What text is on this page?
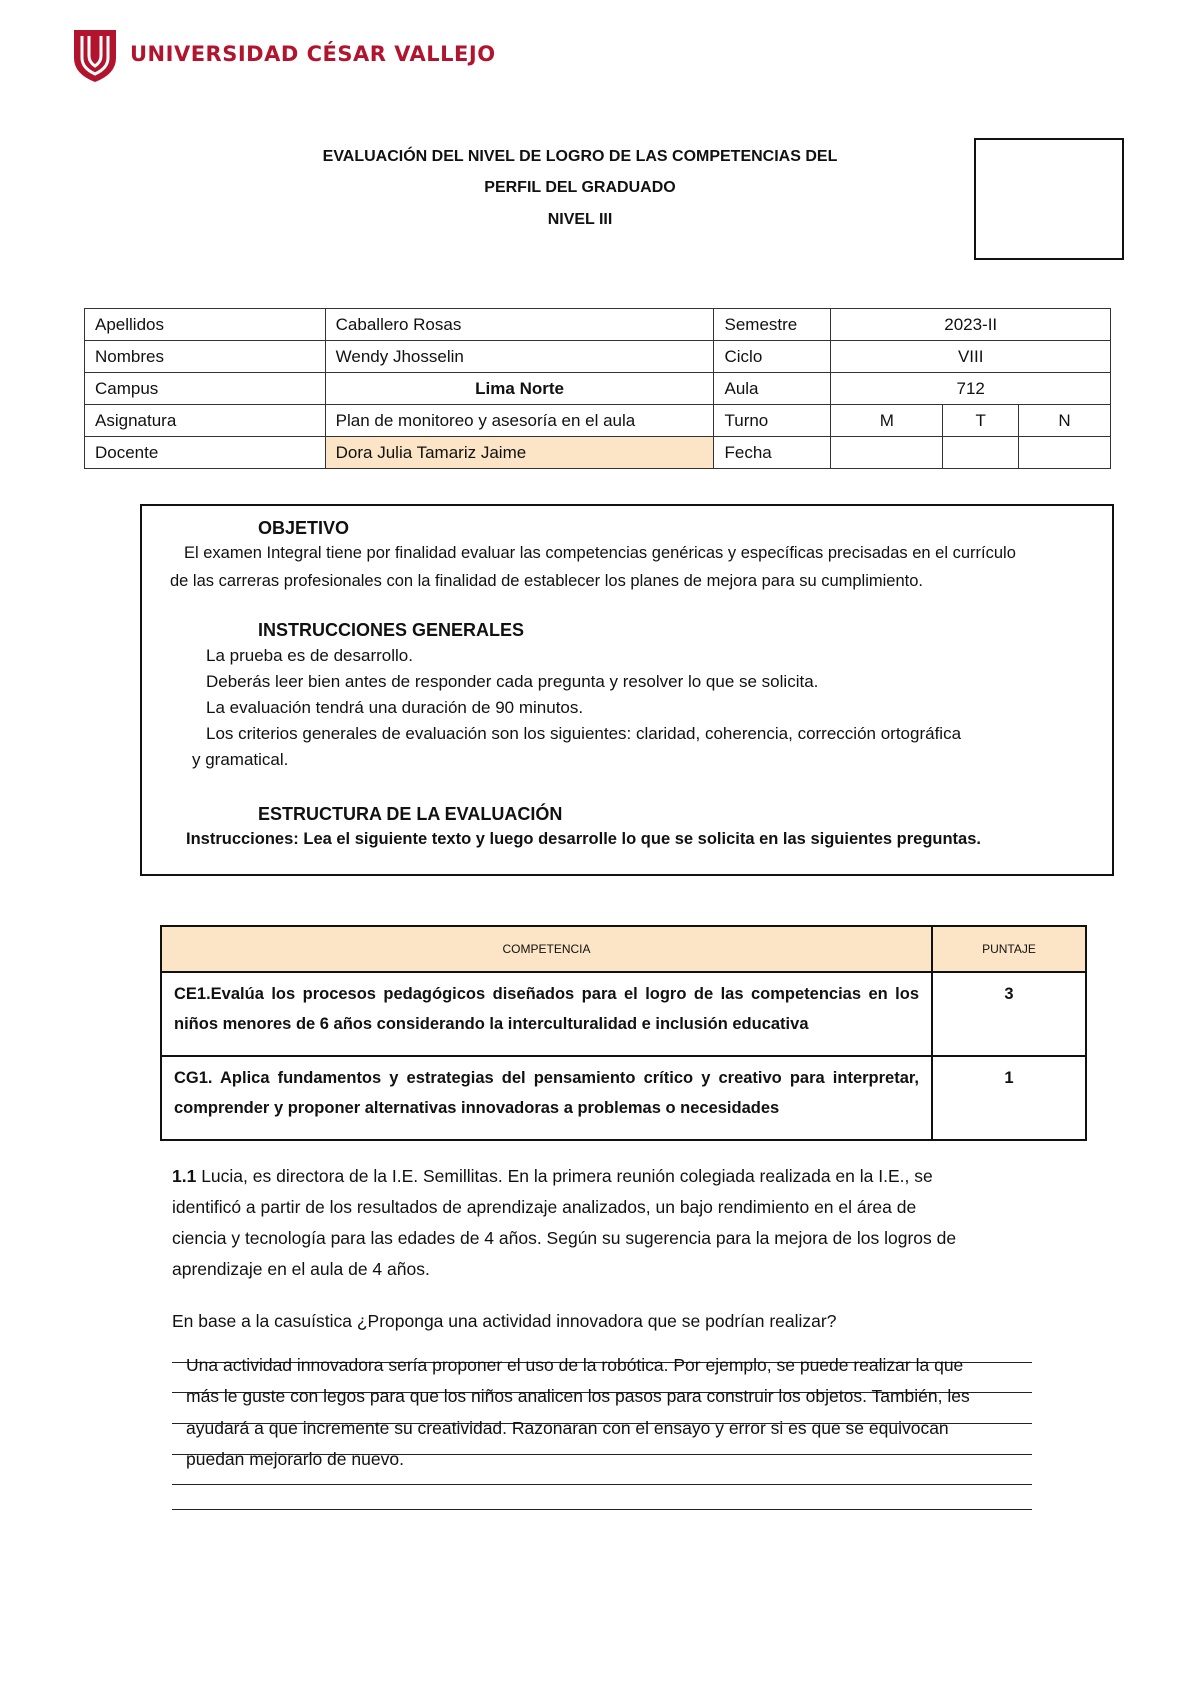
UNIVERSIDAD CÉSAR VALLEJO
EVALUACIÓN DEL NIVEL DE LOGRO DE LAS COMPETENCIAS DEL
PERFIL DEL GRADUADO
NIVEL III
Apellidos	Caballero Rosas	Semestre	2023-II		
Nombres	Wendy Jhosselin	Ciclo	VIII		
Campus	Lima Norte	Aula	712		
Asignatura	Plan de monitoreo y asesoría en el aula	Turno	M	T	N
Docente	Dora Julia Tamariz Jaime	Fecha			
OBJETIVO
El examen Integral tiene por finalidad evaluar las competencias genéricas y específicas precisadas en el currículo
de las carreras profesionales con la finalidad de establecer los planes de mejora para su cumplimiento.
INSTRUCCIONES GENERALES
La prueba es de desarrollo.
Deberás leer bien antes de responder cada pregunta y resolver lo que se solicita.
La evaluación tendrá una duración de 90 minutos.
Los criterios generales de evaluación son los siguientes: claridad, coherencia, corrección ortográfica
y gramatical.
ESTRUCTURA DE LA EVALUACIÓN
Instrucciones: Lea el siguiente texto y luego desarrolle lo que se solicita en las siguientes preguntas.
COMPETENCIA	PUNTAJE
CE1.Evalúa los procesos pedagógicos diseñados para el logro de las competencias en los niños menores de 6 años considerando la interculturalidad e inclusión educativa	3
CG1. Aplica fundamentos y estrategias del pensamiento crítico y creativo para interpretar, comprender y proponer alternativas innovadoras a problemas o necesidades	1
1.1 Lucia, es directora de la I.E. Semillitas. En la primera reunión colegiada realizada en la I.E., se
identificó a partir de los resultados de aprendizaje analizados, un bajo rendimiento en el área de
ciencia y tecnología para las edades de 4 años. Según su sugerencia para la mejora de los logros de
aprendizaje en el aula de 4 años.
En base a la casuística ¿Proponga una actividad innovadora que se podrían realizar?
Una actividad innovadora sería proponer el uso de la robótica. Por ejemplo, se puede realizar la que
más le guste con legos para que los niños analicen los pasos para construir los objetos. También, les
ayudará a que incremente su creatividad. Razonaran con el ensayo y error si es que se equivocan
puedan mejorarlo de nuevo.
